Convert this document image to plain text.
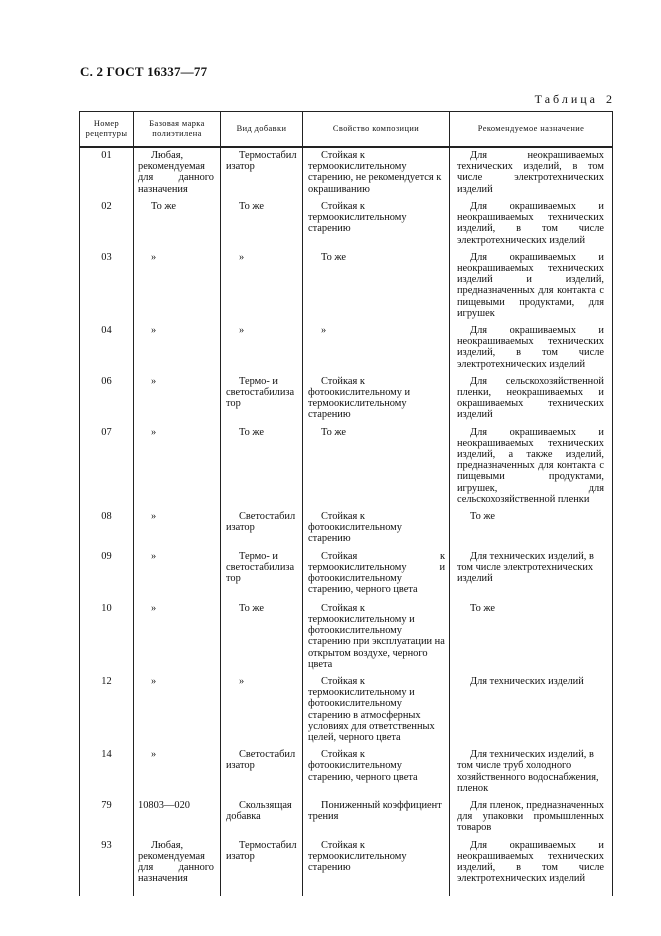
С. 2 ГОСТ 16337—77
Таблица 2
Номер рецептуры	Базовая марка полиэтилена	Вид добавки	Свойство композиции	Рекомендуемое назначение
01	Любая, рекомендуемая для данного назначения	Термостабилизатор	Стойкая к термоокислительному старению, не рекомендуется к окрашиванию	Для неокрашиваемых технических изделий, в том числе электротехнических изделий
02	То же	То же	Стойкая к термоокислительному старению	Для окрашиваемых и неокрашиваемых технических изделий, в том числе электротехнических изделий
03	»	»	То же	Для окрашиваемых и неокрашиваемых технических изделий и изделий, предназначенных для контакта с пищевыми продуктами, для игрушек
04	»	»	»	Для окрашиваемых и неокрашиваемых технических изделий, в том числе электротехнических изделий
06	»	Термо- и светостабилизатор	Стойкая к фотоокислительному и термоокислительному старению	Для сельскохозяйственной пленки, неокрашиваемых и окрашиваемых технических изделий
07	»	То же	То же	Для окрашиваемых и неокрашиваемых технических изделий, а также изделий, предназначенных для контакта с пищевыми продуктами, игрушек, для сельскохозяйственной пленки
08	»	Светостабилизатор	Стойкая к фотоокислительному старению	То же
09	»	Термо- и светостабилизатор	Стойкая к термоокислительному и фотоокислительному старению, черного цвета	Для технических изделий, в том числе электротехнических изделий
10	»	То же	Стойкая к термоокислительному и фотоокислительному старению при эксплуатации на открытом воздухе, черного цвета	То же
12	»	»	Стойкая к термоокислительному и фотоокислительному старению в атмосферных условиях для ответственных целей, черного цвета	Для технических изделий
14	»	Светостабилизатор	Стойкая к фотоокислительному старению, черного цвета	Для технических изделий, в том числе труб холодного хозяйственного водоснабжения, пленок
79	10803—020	Скользящая добавка	Пониженный коэффициент трения	Для пленок, предназначенных для упаковки промышленных товаров
93	Любая, рекомендуемая для данного назначения	Термостабилизатор	Стойкая к термоокислительному старению	Для окрашиваемых и неокрашиваемых технических изделий, в том числе электротехнических изделий
